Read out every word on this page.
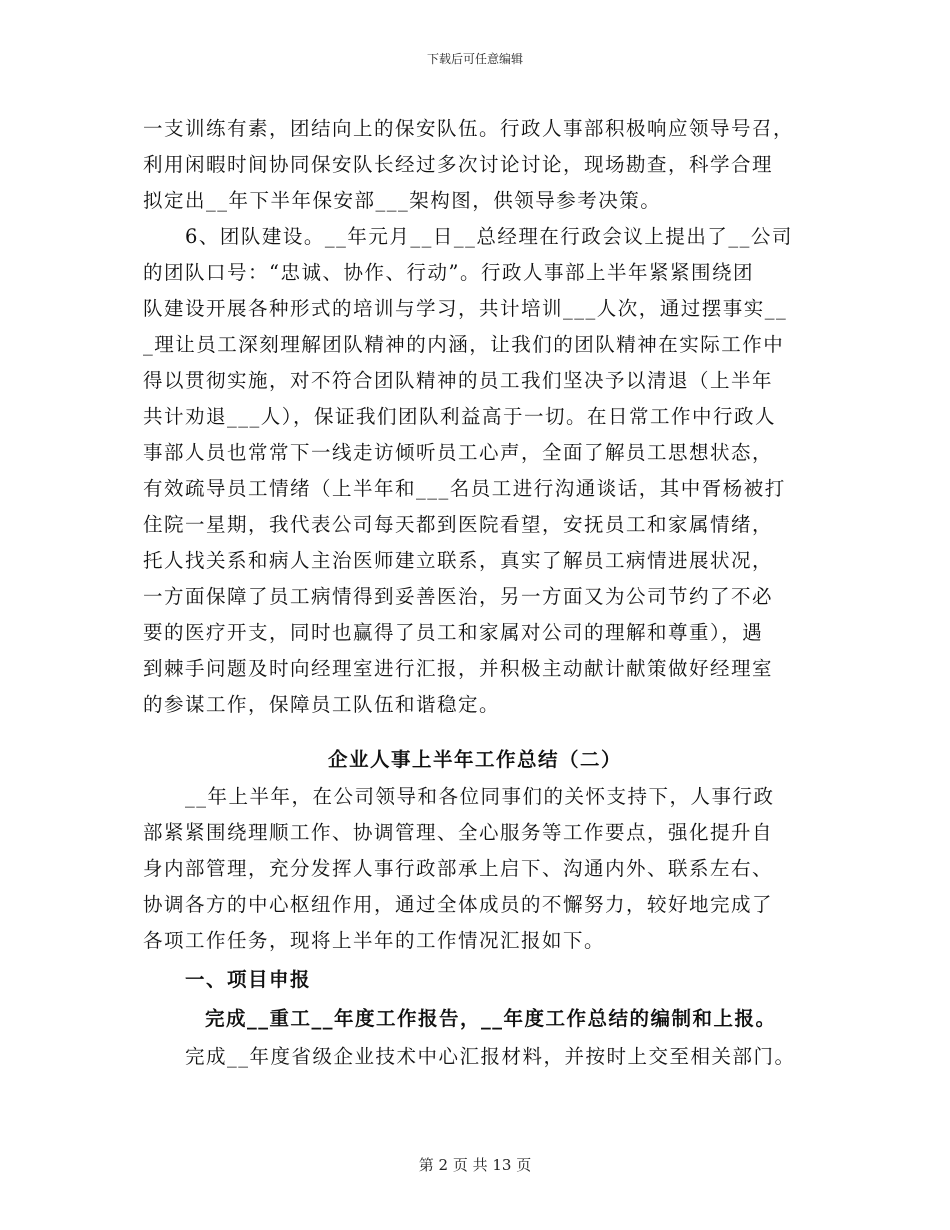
下载后可任意编辑
一支训练有素，团结向上的保安队伍。行政人事部积极响应领导号召，
利用闲暇时间协同保安队长经过多次讨论讨论，现场勘查，科学合理
拟定出__年下半年保安部___架构图，供领导参考决策。
6、团队建设。__年元月__日__总经理在行政会议上提出了__公司
的团队口号：“忠诚、协作、行动”。行政人事部上半年紧紧围绕团
队建设开展各种形式的培训与学习，共计培训___人次，通过摆事实__
_理让员工深刻理解团队精神的内涵，让我们的团队精神在实际工作中
得以贯彻实施，对不符合团队精神的员工我们坚决予以清退（上半年
共计劝退___人），保证我们团队利益高于一切。在日常工作中行政人
事部人员也常常下一线走访倾听员工心声，全面了解员工思想状态，
有效疏导员工情绪（上半年和___名员工进行沟通谈话，其中胥杨被打
住院一星期，我代表公司每天都到医院看望，安抚员工和家属情绪，
托人找关系和病人主治医师建立联系，真实了解员工病情进展状况，
一方面保障了员工病情得到妥善医治，另一方面又为公司节约了不必
要的医疗开支，同时也赢得了员工和家属对公司的理解和尊重），遇
到棘手问题及时向经理室进行汇报，并积极主动献计献策做好经理室
的参谋工作，保障员工队伍和谐稳定。
企业人事上半年工作总结（二）
__年上半年，在公司领导和各位同事们的关怀支持下，人事行政
部紧紧围绕理顺工作、协调管理、全心服务等工作要点，强化提升自
身内部管理，充分发挥人事行政部承上启下、沟通内外、联系左右、
协调各方的中心枢纽作用，通过全体成员的不懈努力，较好地完成了
各项工作任务，现将上半年的工作情况汇报如下。
一、项目申报
完成__重工__年度工作报告，__年度工作总结的编制和上报。
完成__年度省级企业技术中心汇报材料，并按时上交至相关部门。
第 2 页 共 13 页
